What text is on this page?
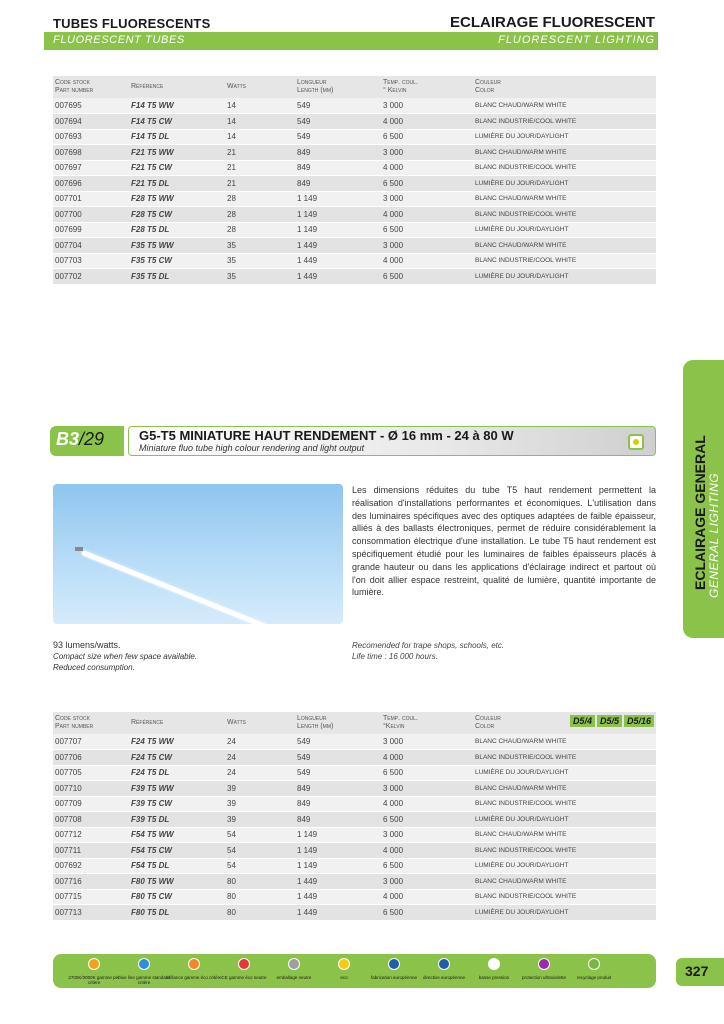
TUBES FLUORESCENTS
FLUORESCENT TUBES
ECLAIRAGE FLUORESCENT
FLUORESCENT LIGHTING
Code stock
Part number	Référence	Watts	Longueur
Length (mm)	Temp. coul.
° Kelvin	Couleur
Color
007695	F14 T5 WW	14	549	3 000	BLANC CHAUD/WARM WHITE
007694	F14 T5 CW	14	549	4 000	BLANC INDUSTRIE/COOL WHITE
007693	F14 T5 DL	14	549	6 500	LUMIÈRE DU JOUR/DAYLIGHT
007698	F21 T5 WW	21	849	3 000	BLANC CHAUD/WARM WHITE
007697	F21 T5 CW	21	849	4 000	BLANC INDUSTRIE/COOL WHITE
007696	F21 T5 DL	21	849	6 500	LUMIÈRE DU JOUR/DAYLIGHT
007701	F28 T5 WW	28	1 149	3 000	BLANC CHAUD/WARM WHITE
007700	F28 T5 CW	28	1 149	4 000	BLANC INDUSTRIE/COOL WHITE
007699	F28 T5 DL	28	1 149	6 500	LUMIÈRE DU JOUR/DAYLIGHT
007704	F35 T5 WW	35	1 449	3 000	BLANC CHAUD/WARM WHITE
007703	F35 T5 CW	35	1 449	4 000	BLANC INDUSTRIE/COOL WHITE
007702	F35 T5 DL	35	1 449	6 500	LUMIÈRE DU JOUR/DAYLIGHT
ECLAIRAGE GENERAL GENERAL LIGHTING
B3/29	G5-T5 MINIATURE HAUT RENDEMENT - Ø 16 mm - 24 à 80 W
Miniature fluo tube high colour rendering and light output
Les dimensions réduites du tube T5 haut rendement permettent la réalisation d'installations performantes et économiques. L'utilisation dans des luminaires spécifiques avec des optiques adaptées de faible épaisseur, alliés à des ballasts électroniques, permet de réduire considérablement la consommation électrique d'une installation. Le tube T5 haut rendement est spécifiquement étudié pour les luminaires de faibles épaisseurs placés à grande hauteur ou dans les applications d'éclairage indirect et partout où l'on doit allier espace restreint, qualité de lumière, quantité importante de lumière.
93 lumens/watts.
Compact size when few space available.
Reduced consumption.
Recomended for trape shops, schools, etc.
Life time : 16 000 hours.
Code stock
Part number	Référence	Watts	Longueur
Length (mm)	Temp. coul.
°Kelvin	D5/4 D5/5 D5/16
Couleur
Color
007707	F24 T5 WW	24	549	3 000	BLANC CHAUD/WARM WHITE
007706	F24 T5 CW	24	549	4 000	BLANC INDUSTRIE/COOL WHITE
007705	F24 T5 DL	24	549	6 500	LUMIÈRE DU JOUR/DAYLIGHT
007710	F39 T5 WW	39	849	3 000	BLANC CHAUD/WARM WHITE
007709	F39 T5 CW	39	849	4 000	BLANC INDUSTRIE/COOL WHITE
007708	F39 T5 DL	39	849	6 500	LUMIÈRE DU JOUR/DAYLIGHT
007712	F54 T5 WW	54	1 149	3 000	BLANC CHAUD/WARM WHITE
007711	F54 T5 CW	54	1 149	4 000	BLANC INDUSTRIE/COOL WHITE
007692	F54 T5 DL	54	1 149	6 500	LUMIÈRE DU JOUR/DAYLIGHT
007716	F80 T5 WW	80	1 449	3 000	BLANC CHAUD/WARM WHITE
007715	F80 T5 CW	80	1 449	4 000	BLANC INDUSTRIE/COOL WHITE
007713	F80 T5 DL	80	1 449	6 500	LUMIÈRE DU JOUR/DAYLIGHT
2700K/3000K gamme per critère
blue line gamme standard critère
brillance gamme éco critère CE gamme éco neutre	emballage neutre	eco	fabrication européenne	directive européenne	basse pression	protection ultraviolette	recyclage produit	327
